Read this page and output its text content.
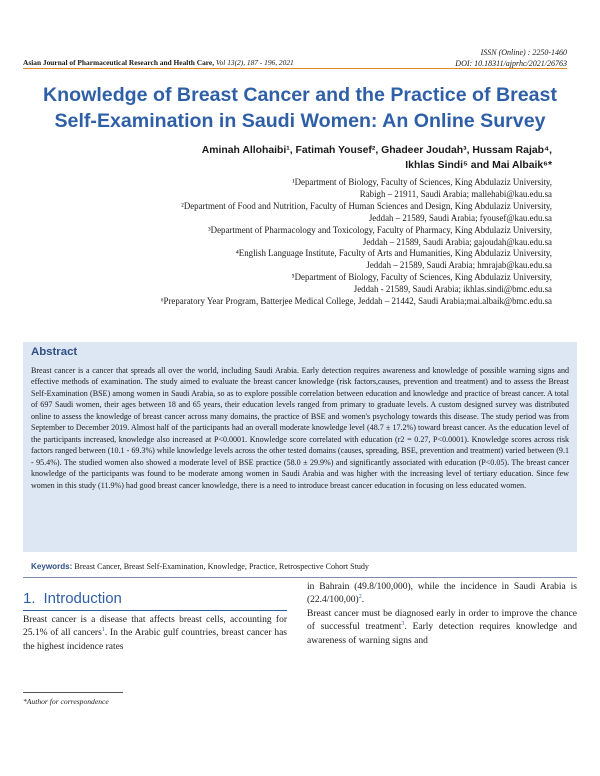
Asian Journal of Pharmaceutical Research and Health Care, Vol 13(2), 187 - 196, 2021
ISSN (Online) : 2250-1460
DOI: 10.18311/ajprhc/2021/26763
Knowledge of Breast Cancer and the Practice of Breast
Self-Examination in Saudi Women: An Online Survey
Aminah Allohaibi¹, Fatimah Yousef², Ghadeer Joudah³, Hussam Rajab⁴,
Ikhlas Sindi⁵ and Mai Albaik⁶*
¹Department of Biology, Faculty of Sciences, King Abdulaziz University,
Rabigh – 21911, Saudi Arabia; mallehabi@kau.edu.sa
²Department of Food and Nutrition, Faculty of Human Sciences and Design, King Abdulaziz University,
Jeddah – 21589, Saudi Arabia; fyousef@kau.edu.sa
³Department of Pharmacology and Toxicology, Faculty of Pharmacy, King Abdulaziz University,
Jeddah – 21589, Saudi Arabia; gajoudah@kau.edu.sa
⁴English Language Institute, Faculty of Arts and Humanities, King Abdulaziz University,
Jeddah – 21589, Saudi Arabia; hmrajab@kau.edu.sa
⁵Department of Biology, Faculty of Sciences, King Abdulaziz University,
Jeddah - 21589, Saudi Arabia; ikhlas.sindi@bmc.edu.sa
⁶Preparatory Year Program, Batterjee Medical College, Jeddah – 21442, Saudi Arabia;mai.albaik@bmc.edu.sa
Abstract
Breast cancer is a cancer that spreads all over the world, including Saudi Arabia. Early detection requires awareness and knowledge of possible warning signs and effective methods of examination. The study aimed to evaluate the breast cancer knowledge (risk factors,causes, prevention and treatment) and to assess the Breast Self-Examination (BSE) among women in Saudi Arabia, so as to explore possible correlation between education and knowledge and practice of breast cancer. A total of 697 Saudi women, their ages between 18 and 65 years, their education levels ranged from primary to graduate levels. A custom designed survey was distributed online to assess the knowledge of breast cancer across many domains, the practice of BSE and women's psychology towards this disease. The study period was from September to December 2019. Almost half of the participants had an overall moderate knowledge level (48.7 ± 17.2%) toward breast cancer. As the education level of the participants increased, knowledge also increased at P<0.0001. Knowledge score correlated with education (r2 = 0.27, P<0.0001). Knowledge scores across risk factors ranged between (10.1 - 69.3%) while knowledge levels across the other tested domains (causes, spreading, BSE, prevention and treatment) varied between (9.1 - 95.4%). The studied women also showed a moderate level of BSE practice (58.0 ± 29.9%) and significantly associated with education (P<0.05). The breast cancer knowledge of the participants was found to be moderate among women in Saudi Arabia and was higher with the increasing level of tertiary education. Since few women in this study (11.9%) had good breast cancer knowledge, there is a need to introduce breast cancer education in focusing on less educated women.
Keywords: Breast Cancer, Breast Self-Examination, Knowledge, Practice, Retrospective Cohort Study
1. Introduction

Breast cancer is a disease that affects breast cells, accounting for 25.1% of all cancers$^1$. In the Arabic gulf countries, breast cancer has the highest incidence rates

in Bahrain (49.8/100,000), while the incidence in Saudi Arabia is (22.4/100,00)$^2$.

Breast cancer must be diagnosed early in order to improve the chance of successful treatment$^3$. Early detection requires knowledge and awareness of warning signs and

*Author for correspondence
